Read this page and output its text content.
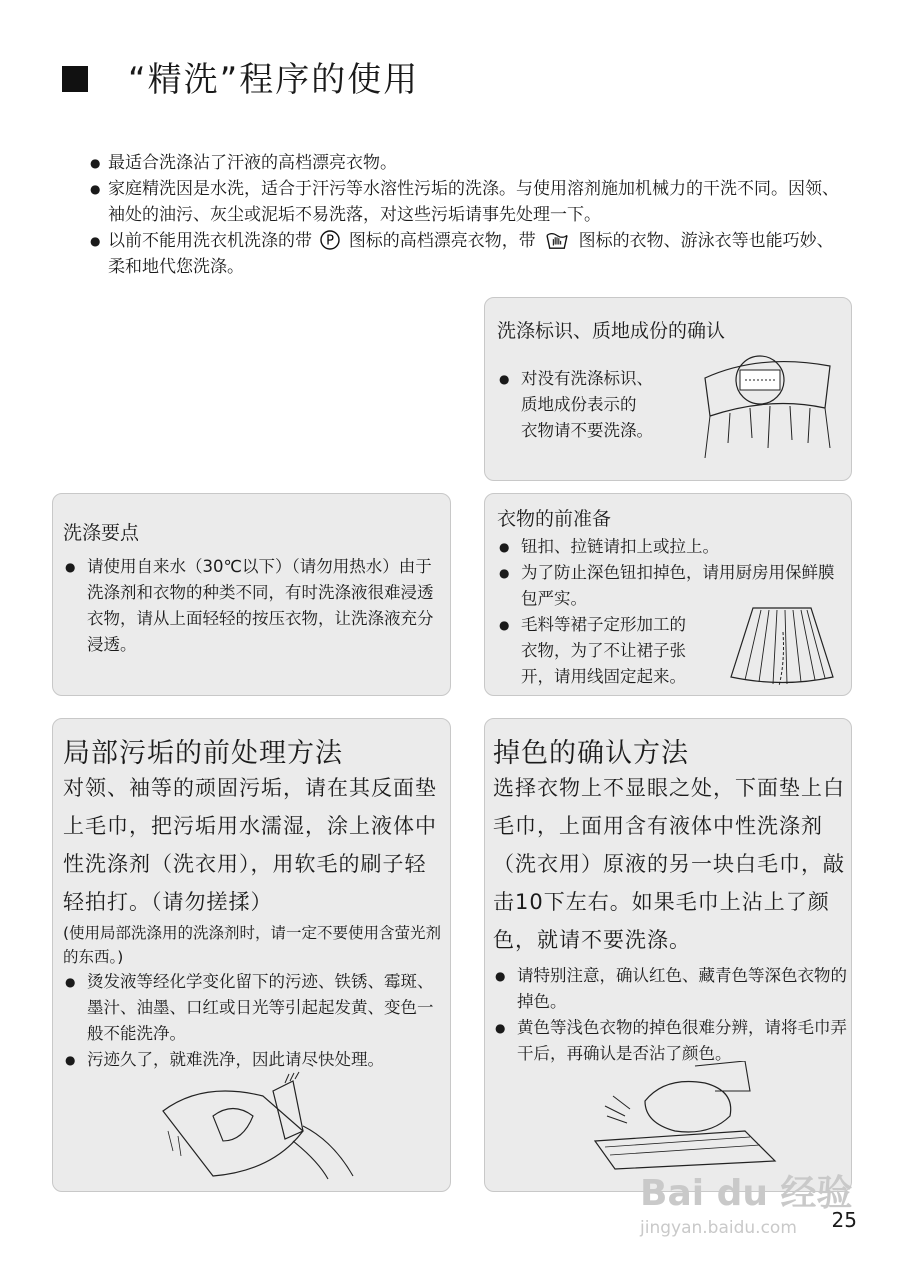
“精洗”程序的使用
● 最适合洗涤沾了汗液的高档漂亮衣物。
● 家庭精洗因是水洗，适合于汗污等水溶性污垢的洗涤。与使用溶剂施加机械力的干洗不同。因领、袖处的油污、灰尘或泥垢不易洗落，对这些污垢请事先处理一下。
● 以前不能用洗衣机洗涤的带 P 图标的高档漂亮衣物，带	图标的衣物、游泳衣等也能巧妙、柔和地代您洗涤。
洗涤标识、质地成份的确认
● 对没有洗涤标识、
质地成份表示的
衣物请不要洗涤。
洗涤要点
● 请使用自来水（30℃以下）（请勿用热水）由于洗涤剂和衣物的种类不同，有时洗涤液很难浸透衣物，请从上面轻轻的按压衣物，让洗涤液充分浸透。
衣物的前准备
● 钮扣、拉链请扣上或拉上。
● 为了防止深色钮扣掉色，请用厨房用保鲜膜包严实。
● 毛料等裙子定形加工的
衣物，为了不让裙子张
开，请用线固定起来。
局部污垢的前处理方法
对领、袖等的顽固污垢，请在其反面垫上毛巾，把污垢用水濡湿，涂上液体中性洗涤剂（洗衣用），用软毛的刷子轻轻拍打。（请勿搓揉）
(使用局部洗涤用的洗涤剂时，请一定不要使用含萤光剂的东西。)
● 烫发液等经化学变化留下的污迹、铁锈、霉斑、墨汁、油墨、口红或日光等引起起发黄、变色一般不能洗净。
● 污迹久了，就难洗净，因此请尽快处理。
掉色的确认方法
选择衣物上不显眼之处，下面垫上白毛巾，上面用含有液体中性洗涤剂（洗衣用）原液的另一块白毛巾，敲击10下左右。如果毛巾上沾上了颜色，就请不要洗涤。
● 请特别注意，确认红色、藏青色等深色衣物的掉色。
● 黄色等浅色衣物的掉色很难分辨，请将毛巾弄干后，再确认是否沾了颜色。
Bai du 经验
jingyan.baidu.com 25
